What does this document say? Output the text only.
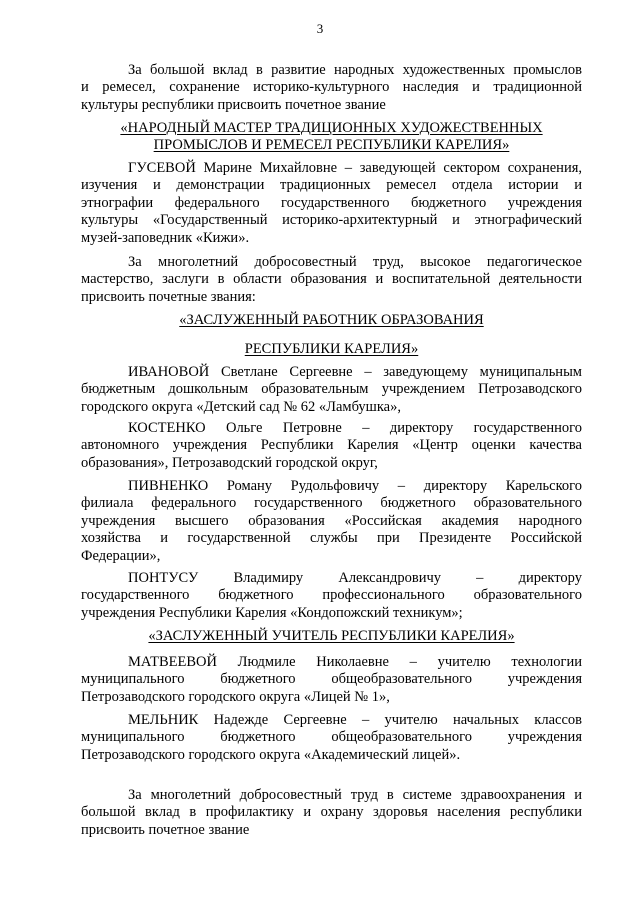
3
За большой вклад в развитие народных художественных промыслов
и ремесел, сохранение историко-культурного наследия и традиционной
культуры республики присвоить почетное звание
«НАРОДНЫЙ МАСТЕР ТРАДИЦИОННЫХ ХУДОЖЕСТВЕННЫХ
ПРОМЫСЛОВ И РЕМЕСЕЛ РЕСПУБЛИКИ КАРЕЛИЯ»
ГУСЕВОЙ Марине Михайловне – заведующей сектором сохранения,
изучения и демонстрации традиционных ремесел отдела истории и
этнографии федерального государственного бюджетного учреждения
культуры «Государственный историко-архитектурный и этнографический
музей-заповедник «Кижи».
За многолетний добросовестный труд, высокое педагогическое
мастерство, заслуги в области образования и воспитательной деятельности
присвоить почетные звания:
«ЗАСЛУЖЕННЫЙ РАБОТНИК ОБРАЗОВАНИЯ
РЕСПУБЛИКИ КАРЕЛИЯ»
ИВАНОВОЙ Светлане Сергеевне – заведующему муниципальным
бюджетным дошкольным образовательным учреждением Петрозаводского
городского округа «Детский сад № 62 «Ламбушка»,
КОСТЕНКО Ольге Петровне – директору государственного
автономного учреждения Республики Карелия «Центр оценки качества
образования», Петрозаводский городской округ,
ПИВНЕНКО Роману Рудольфовичу – директору Карельского
филиала федерального государственного бюджетного образовательного
учреждения высшего образования «Российская академия народного
хозяйства и государственной службы при Президенте Российской
Федерации»,
ПОНТУСУ Владимиру Александровичу – директору
государственного бюджетного профессионального образовательного
учреждения Республики Карелия «Кондопожский техникум»;
«ЗАСЛУЖЕННЫЙ УЧИТЕЛЬ РЕСПУБЛИКИ КАРЕЛИЯ»
МАТВЕЕВОЙ Людмиле Николаевне – учителю технологии
муниципального бюджетного общеобразовательного учреждения
Петрозаводского городского округа «Лицей № 1»,
МЕЛЬНИК Надежде Сергеевне – учителю начальных классов
муниципального бюджетного общеобразовательного учреждения
Петрозаводского городского округа «Академический лицей».
За многолетний добросовестный труд в системе здравоохранения и
большой вклад в профилактику и охрану здоровья населения республики
присвоить почетное звание
